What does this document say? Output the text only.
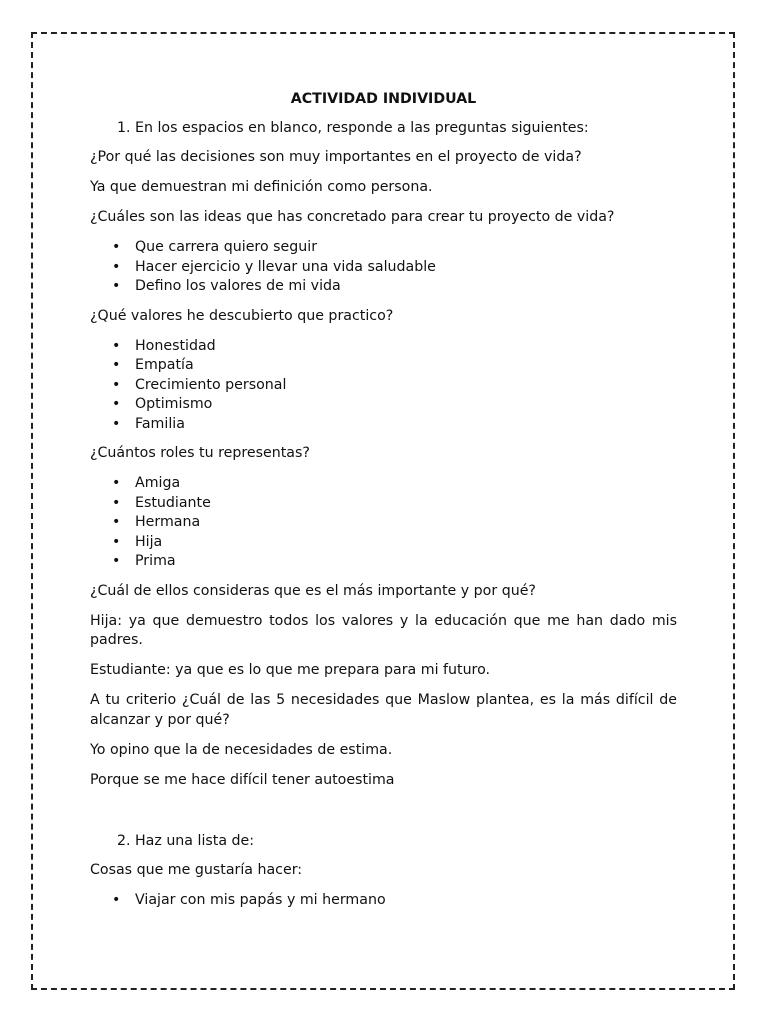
ACTIVIDAD INDIVIDUAL
1. En los espacios en blanco, responde a las preguntas siguientes:

¿Por qué las decisiones son muy importantes en el proyecto de vida?

Ya que demuestran mi definición como persona.

¿Cuáles son las ideas que has concretado para crear tu proyecto de vida?

• Que carrera quiero seguir
• Hacer ejercicio y llevar una vida saludable
• Defino los valores de mi vida

¿Qué valores he descubierto que practico?

• Honestidad
• Empatía
• Crecimiento personal
• Optimismo
• Familia

¿Cuántos roles tu representas?

• Amiga
• Estudiante
• Hermana
• Hija
• Prima

¿Cuál de ellos consideras que es el más importante y por qué?

Hija: ya que demuestro todos los valores y la educación que me han dado mis padres.

Estudiante: ya que es lo que me prepara para mi futuro.

A tu criterio ¿Cuál de las 5 necesidades que Maslow plantea, es la más difícil de alcanzar y por qué?

Yo opino que la de necesidades de estima.

Porque se me hace difícil tener autoestima

2. Haz una lista de:

Cosas que me gustaría hacer:

• Viajar con mis papás y mi hermano
